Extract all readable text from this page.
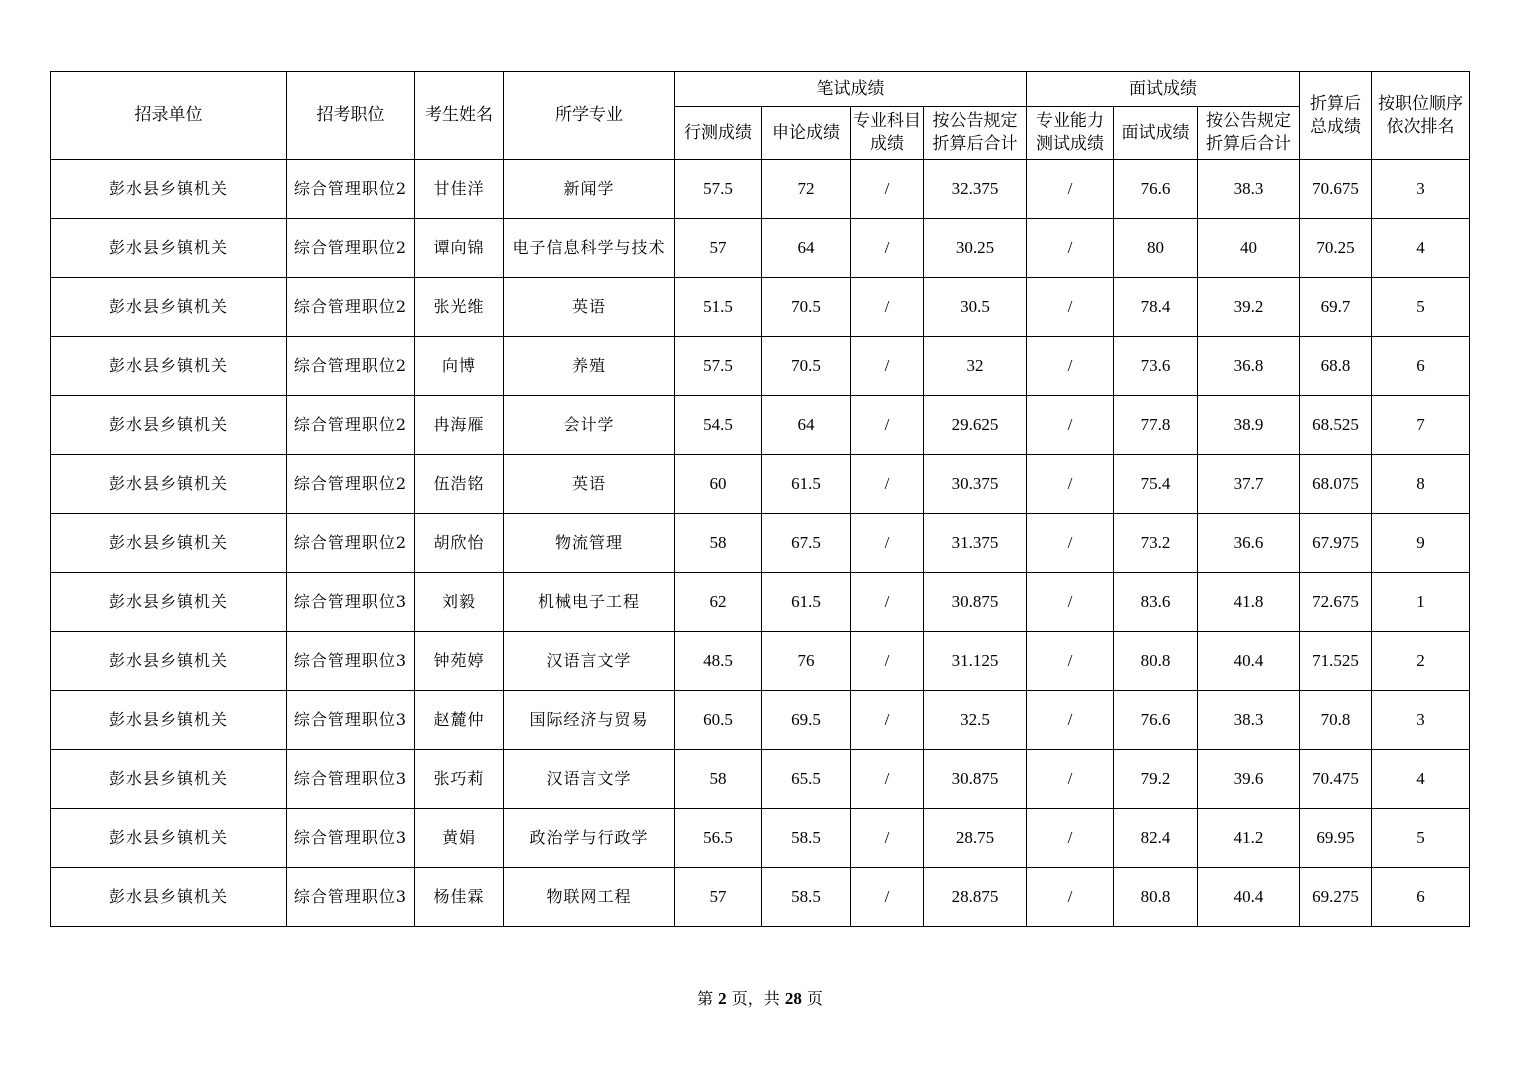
招录单位	招考职位	考生姓名	所学专业	笔试成绩				面试成绩			折算后总成绩	按职位顺序依次排名
				行测成绩	申论成绩	专业科目成绩	按公告规定折算后合计	专业能力测试成绩	面试成绩	按公告规定折算后合计		
彭水县乡镇机关	综合管理职位2	甘佳洋	新闻学	57.5	72	/	32.375	/	76.6	38.3	70.675	3
彭水县乡镇机关	综合管理职位2	谭向锦	电子信息科学与技术	57	64	/	30.25	/	80	40	70.25	4
彭水县乡镇机关	综合管理职位2	张光维	英语	51.5	70.5	/	30.5	/	78.4	39.2	69.7	5
彭水县乡镇机关	综合管理职位2	向博	养殖	57.5	70.5	/	32	/	73.6	36.8	68.8	6
彭水县乡镇机关	综合管理职位2	冉海雁	会计学	54.5	64	/	29.625	/	77.8	38.9	68.525	7
彭水县乡镇机关	综合管理职位2	伍浩铭	英语	60	61.5	/	30.375	/	75.4	37.7	68.075	8
彭水县乡镇机关	综合管理职位2	胡欣怡	物流管理	58	67.5	/	31.375	/	73.2	36.6	67.975	9
彭水县乡镇机关	综合管理职位3	刘毅	机械电子工程	62	61.5	/	30.875	/	83.6	41.8	72.675	1
彭水县乡镇机关	综合管理职位3	钟苑婷	汉语言文学	48.5	76	/	31.125	/	80.8	40.4	71.525	2
彭水县乡镇机关	综合管理职位3	赵麓仲	国际经济与贸易	60.5	69.5	/	32.5	/	76.6	38.3	70.8	3
彭水县乡镇机关	综合管理职位3	张巧莉	汉语言文学	58	65.5	/	30.875	/	79.2	39.6	70.475	4
彭水县乡镇机关	综合管理职位3	黄娟	政治学与行政学	56.5	58.5	/	28.75	/	82.4	41.2	69.95	5
彭水县乡镇机关	综合管理职位3	杨佳霖	物联网工程	57	58.5	/	28.875	/	80.8	40.4	69.275	6
第 2 页，共 28 页
